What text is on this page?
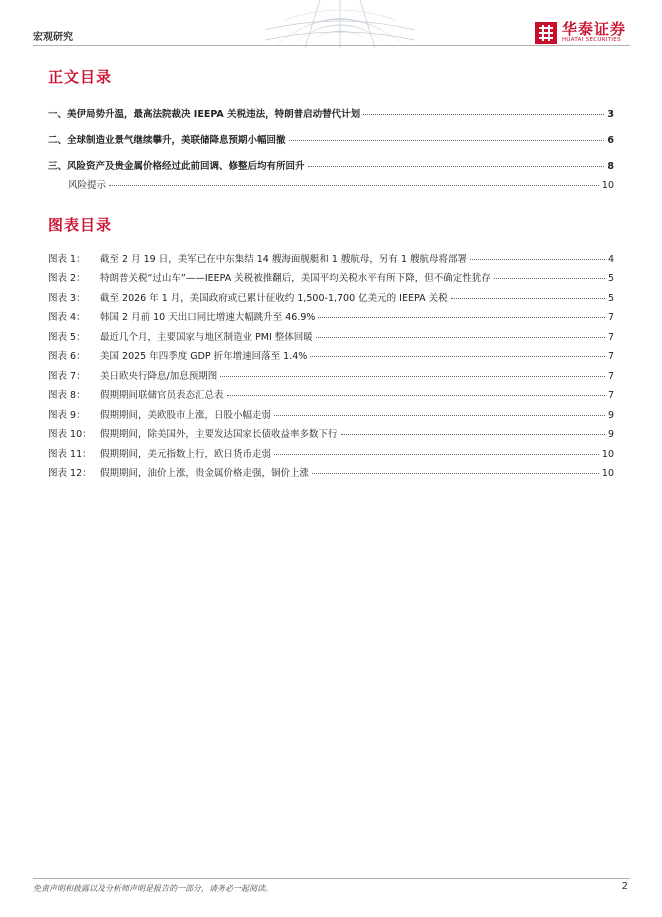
宏观研究	华泰证券
HUATAI SECURITIES
正文目录
一、美伊局势升温，最高法院裁决 IEEPA 关税违法，特朗普启动替代计划	3
二、全球制造业景气继续攀升，美联储降息预期小幅回撤	6
三、风险资产及贵金属价格经过此前回调、修整后均有所回升	8
风险提示	10
图表目录
图表 1：	截至 2 月 19 日，美军已在中东集结 14 艘海面舰艇和 1 艘航母，另有 1 艘航母将部署	4
图表 2：	特朗普关税“过山车”——IEEPA 关税被推翻后，美国平均关税水平有所下降，但不确定性犹存	5
图表 3：	截至 2026 年 1 月，美国政府或已累计征收约 1,500-1,700 亿美元的 IEEPA 关税	5
图表 4：	韩国 2 月前 10 天出口同比增速大幅跳升至 46.9%	7
图表 5：	最近几个月，主要国家与地区制造业 PMI 整体回暖	7
图表 6：	美国 2025 年四季度 GDP 折年增速回落至 1.4%	7
图表 7：	美日欧央行降息/加息预期图	7
图表 8：	假期期间联储官员表态汇总表	7
图表 9：	假期期间，美欧股市上涨，日股小幅走弱	9
图表 10： 假期期间，除美国外，主要发达国家长债收益率多数下行	9
图表 11： 假期期间，美元指数上行，欧日货币走弱	10
图表 12： 假期期间，油价上涨，贵金属价格走强，铜价上涨	10
免责声明和披露以及分析师声明是报告的一部分，请务必一起阅读。	2
